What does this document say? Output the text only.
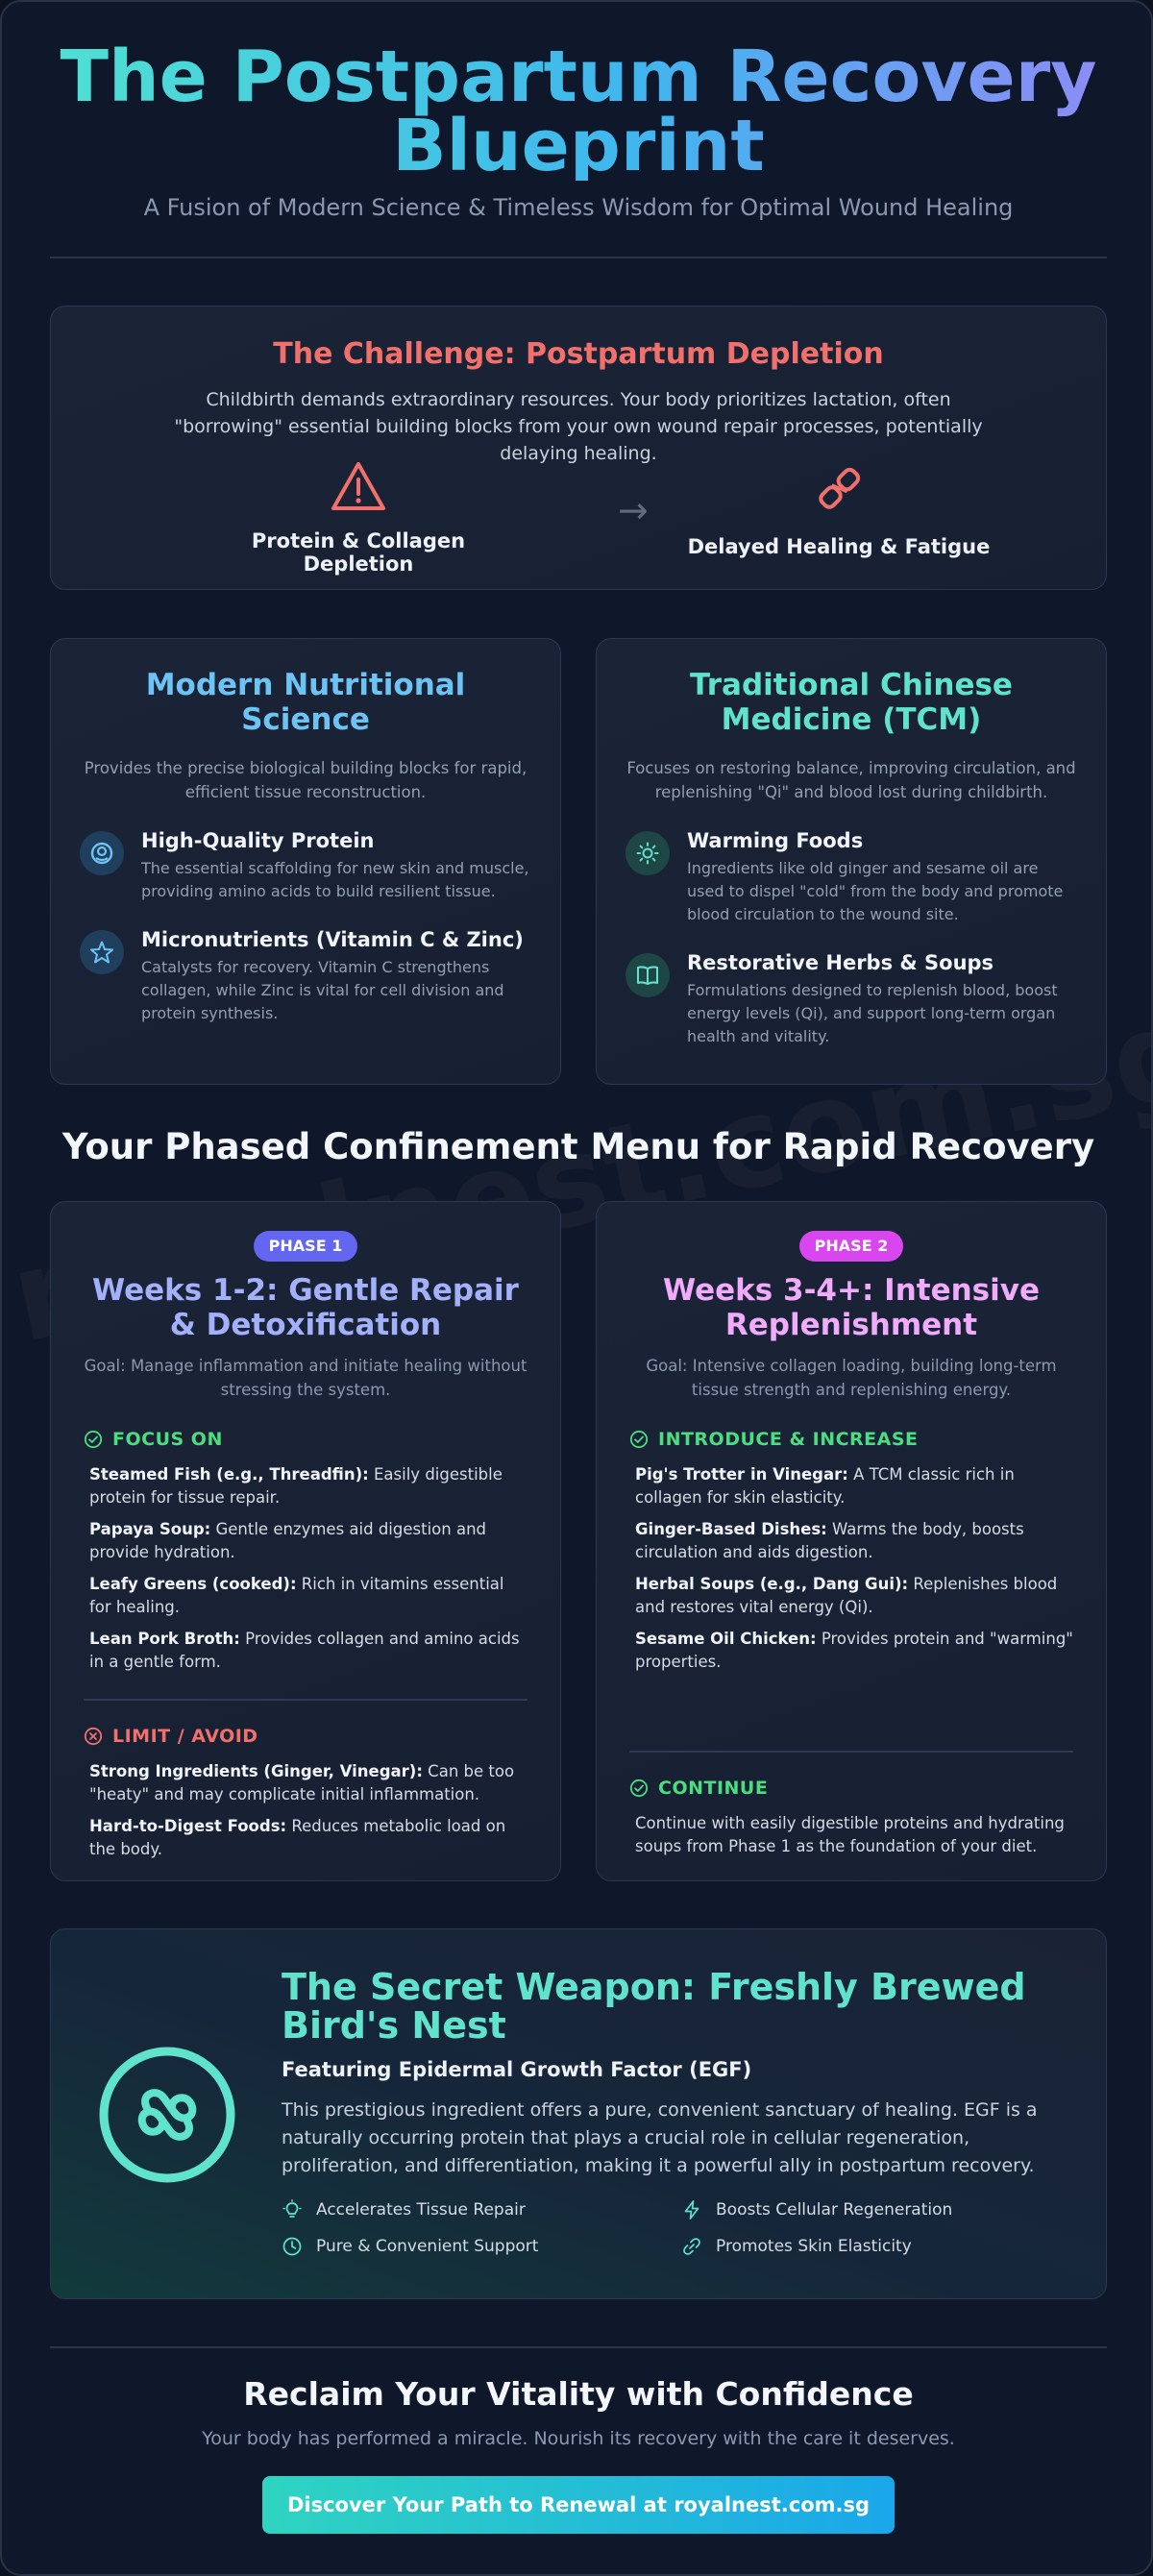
The Postpartum Recovery Blueprint
A Fusion of Modern Science & Timeless Wisdom for Optimal Wound Healing
The Challenge: Postpartum Depletion
Childbirth demands extraordinary resources. Your body prioritizes lactation, often "borrowing" essential building blocks from your own wound repair processes, potentially delaying healing.
Protein & Collagen Depletion
→
Delayed Healing & Fatigue
Modern Nutritional Science
Provides the precise biological building blocks for rapid, efficient tissue reconstruction.
High-Quality Protein
The essential scaffolding for new skin and muscle, providing amino acids to build resilient tissue.
Micronutrients (Vitamin C & Zinc)
Catalysts for recovery. Vitamin C strengthens collagen, while Zinc is vital for cell division and protein synthesis.
Traditional Chinese Medicine (TCM)
Focuses on restoring balance, improving circulation, and replenishing "Qi" and blood lost during childbirth.
Warming Foods
Ingredients like old ginger and sesame oil are used to dispel "cold" from the body and promote blood circulation to the wound site.
Restorative Herbs & Soups
Formulations designed to replenish blood, boost energy levels (Qi), and support long-term organ health and vitality.
Your Phased Confinement Menu for Rapid Recovery
PHASE 1
Weeks 1-2: Gentle Repair & Detoxification
Goal: Manage inflammation and initiate healing without stressing the system.
FOCUS ON
Steamed Fish (e.g., Threadfin): Easily digestible protein for tissue repair.
Papaya Soup: Gentle enzymes aid digestion and provide hydration.
Leafy Greens (cooked): Rich in vitamins essential for healing.
Lean Pork Broth: Provides collagen and amino acids in a gentle form.
LIMIT / AVOID
Strong Ingredients (Ginger, Vinegar): Can be too "heaty" and may complicate initial inflammation.
Hard-to-Digest Foods: Reduces metabolic load on the body.
PHASE 2
Weeks 3-4+: Intensive Replenishment
Goal: Intensive collagen loading, building long-term tissue strength and replenishing energy.
INTRODUCE & INCREASE
Pig's Trotter in Vinegar: A TCM classic rich in collagen for skin elasticity.
Ginger-Based Dishes: Warms the body, boosts circulation and aids digestion.
Herbal Soups (e.g., Dang Gui): Replenishes blood and restores vital energy (Qi).
Sesame Oil Chicken: Provides protein and "warming" properties.
CONTINUE
Continue with easily digestible proteins and hydrating soups from Phase 1 as the foundation of your diet.
The Secret Weapon: Freshly Brewed Bird's Nest
Featuring Epidermal Growth Factor (EGF)
This prestigious ingredient offers a pure, convenient sanctuary of healing. EGF is a naturally occurring protein that plays a crucial role in cellular regeneration, proliferation, and differentiation, making it a powerful ally in postpartum recovery.
Accelerates Tissue Repair	Boosts Cellular Regeneration
Pure & Convenient Support	Promotes Skin Elasticity
Reclaim Your Vitality with Confidence
Your body has performed a miracle. Nourish its recovery with the care it deserves.
Discover Your Path to Renewal at royalnest.com.sg
